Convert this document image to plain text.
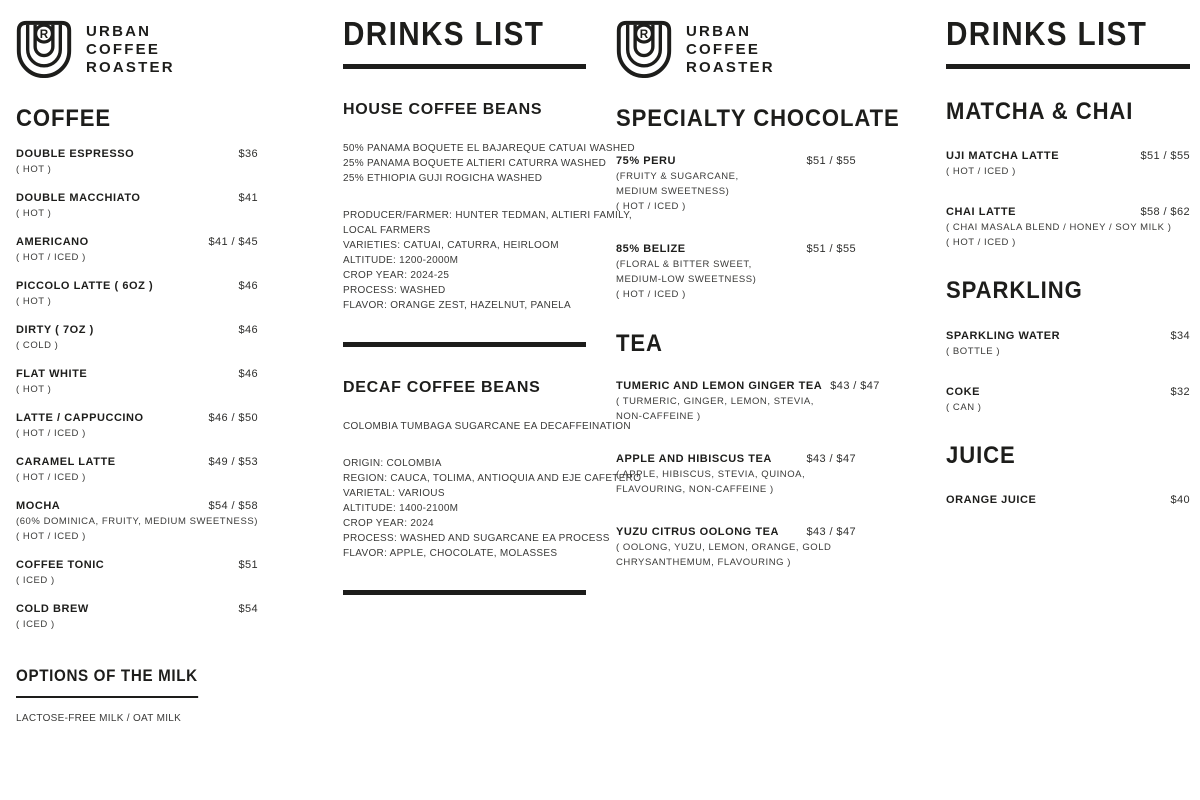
R	URBAN
COFFEE
ROASTER
COFFEE
DOUBLE ESPRESSO	$36
( HOT )
DOUBLE MACCHIATO	$41
( HOT )
AMERICANO	$41 / $45
( HOT / ICED )
PICCOLO LATTE ( 6OZ )	$46
( HOT )
DIRTY ( 7OZ )	$46
( COLD )
FLAT WHITE	$46
( HOT )
LATTE / CAPPUCCINO	$46 / $50
( HOT / ICED )
CARAMEL LATTE	$49 / $53
( HOT / ICED )
MOCHA	$54 / $58
(60% DOMINICA, FRUITY, MEDIUM SWEETNESS)
( HOT / ICED )
COFFEE TONIC	$51
( ICED )
COLD BREW	$54
( ICED )
OPTIONS OF THE MILK
LACTOSE-FREE MILK / OAT MILK
DRINKS LIST
HOUSE COFFEE BEANS
50% PANAMA BOQUETE EL BAJAREQUE CATUAI WASHED
25% PANAMA BOQUETE ALTIERI CATURRA WASHED
25% ETHIOPIA GUJI ROGICHA WASHED
PRODUCER/FARMER: HUNTER TEDMAN, ALTIERI FAMILY,
LOCAL FARMERS
VARIETIES: CATUAI, CATURRA, HEIRLOOM
ALTITUDE: 1200-2000M
CROP YEAR: 2024-25
PROCESS: WASHED
FLAVOR: ORANGE ZEST, HAZELNUT, PANELA
DECAF COFFEE BEANS
COLOMBIA TUMBAGA SUGARCANE EA DECAFFEINATION
ORIGIN: COLOMBIA
REGION: CAUCA, TOLIMA, ANTIOQUIA AND EJE CAFETERO
VARIETAL: VARIOUS
ALTITUDE: 1400-2100M
CROP YEAR: 2024
PROCESS: WASHED AND SUGARCANE EA PROCESS
FLAVOR: APPLE, CHOCOLATE, MOLASSES
R	URBAN
COFFEE
ROASTER
SPECIALTY CHOCOLATE
75% PERU	$51 / $55
(FRUITY & SUGARCANE,
MEDIUM SWEETNESS)
( HOT / ICED )
85% BELIZE	$51 / $55
(FLORAL & BITTER SWEET,
MEDIUM-LOW SWEETNESS)
( HOT / ICED )
TEA
TUMERIC AND LEMON GINGER TEA $43 / $47
( TURMERIC, GINGER, LEMON, STEVIA,
NON-CAFFEINE )
APPLE AND HIBISCUS TEA	$43 / $47
( APPLE, HIBISCUS, STEVIA, QUINOA,
FLAVOURING, NON-CAFFEINE )
YUZU CITRUS OOLONG TEA $43 / $47
( OOLONG, YUZU, LEMON, ORANGE, GOLD
CHRYSANTHEMUM, FLAVOURING )
DRINKS LIST
MATCHA & CHAI
UJI MATCHA LATTE	$51 / $55
( HOT / ICED )
CHAI LATTE	$58 / $62
( CHAI MASALA BLEND / HONEY / SOY MILK )
( HOT / ICED )
SPARKLING
SPARKLING WATER	$34
( BOTTLE )
COKE	$32
( CAN )
JUICE
ORANGE JUICE	$40
